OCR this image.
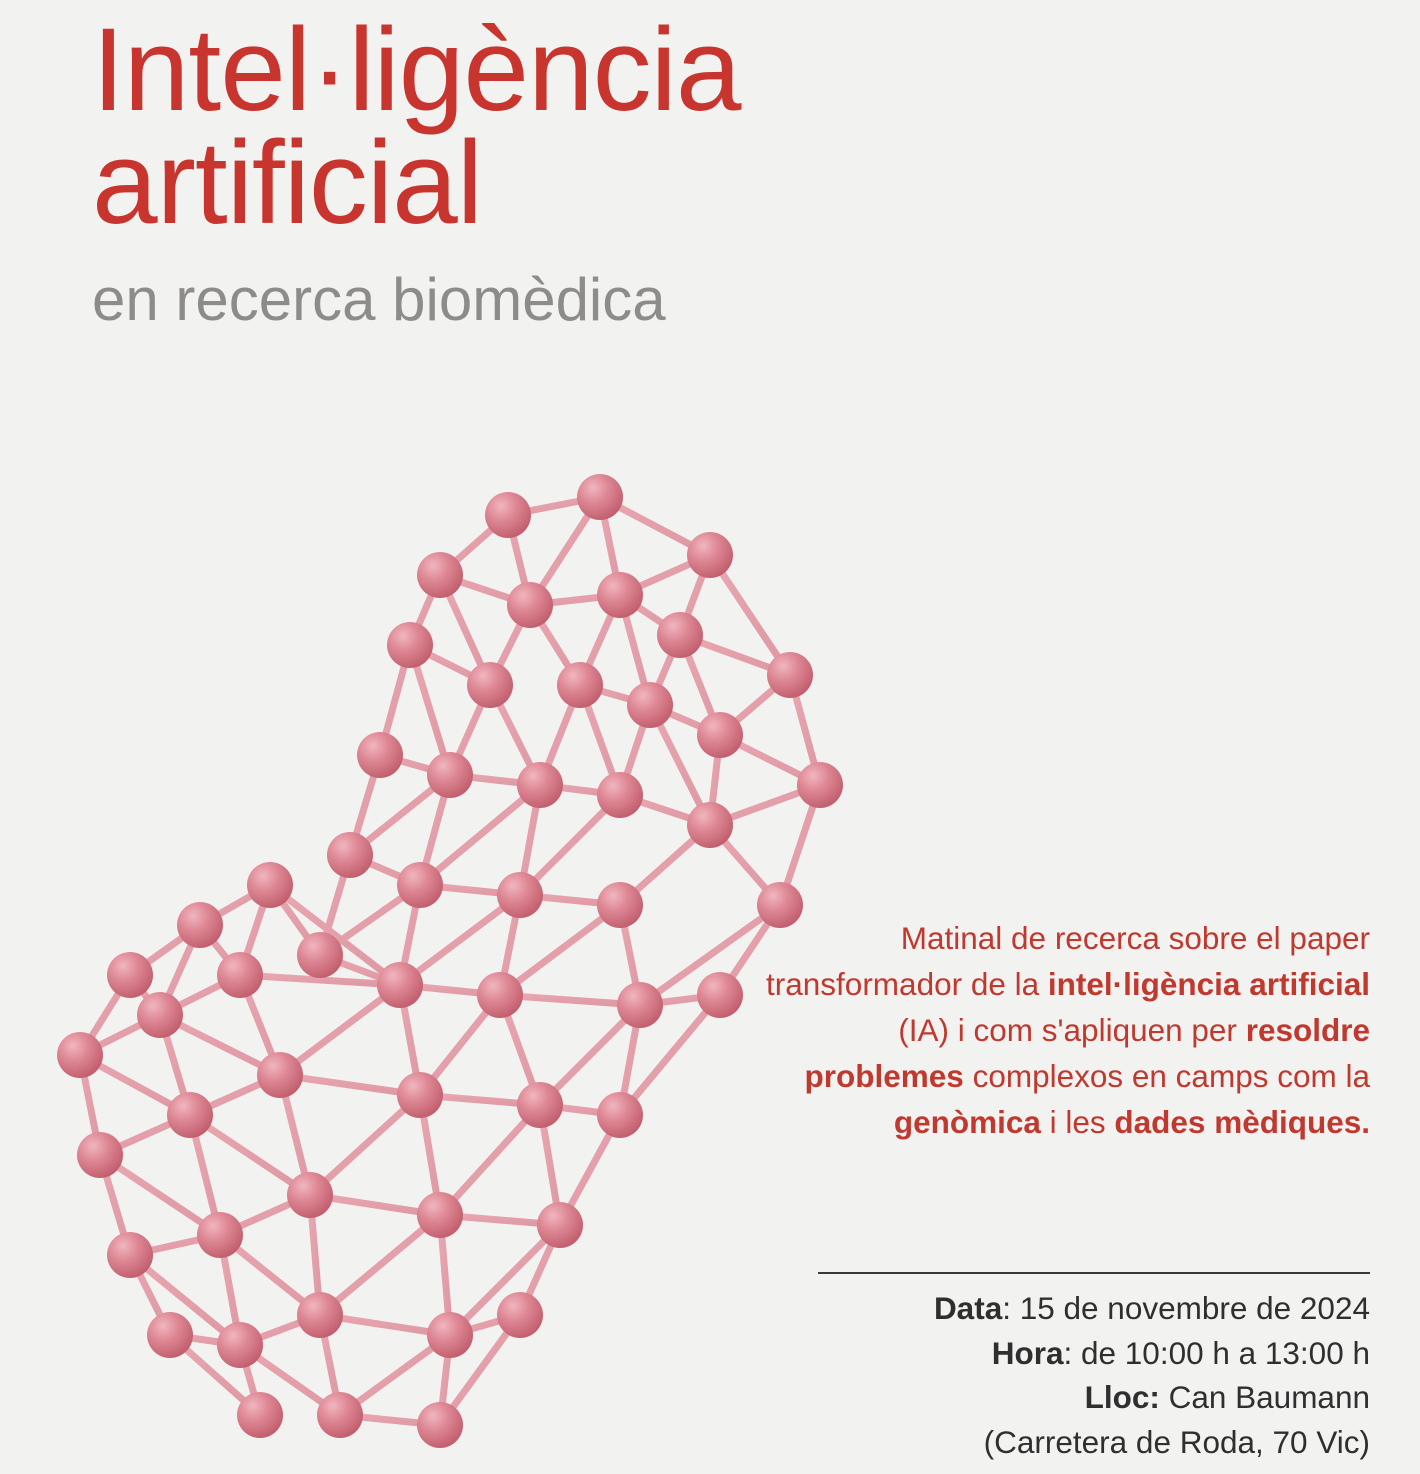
Intel·ligència
artificial
en recerca biomèdica
Matinal de recerca sobre el paper transformador de la intel·ligència artificial (IA) i com s'apliquen per resoldre problemes complexos en camps com la genòmica i les dades mèdiques.
Data: 15 de novembre de 2024
Hora: de 10:00 h a 13:00 h
Lloc: Can Baumann
(Carretera de Roda, 70 Vic)
